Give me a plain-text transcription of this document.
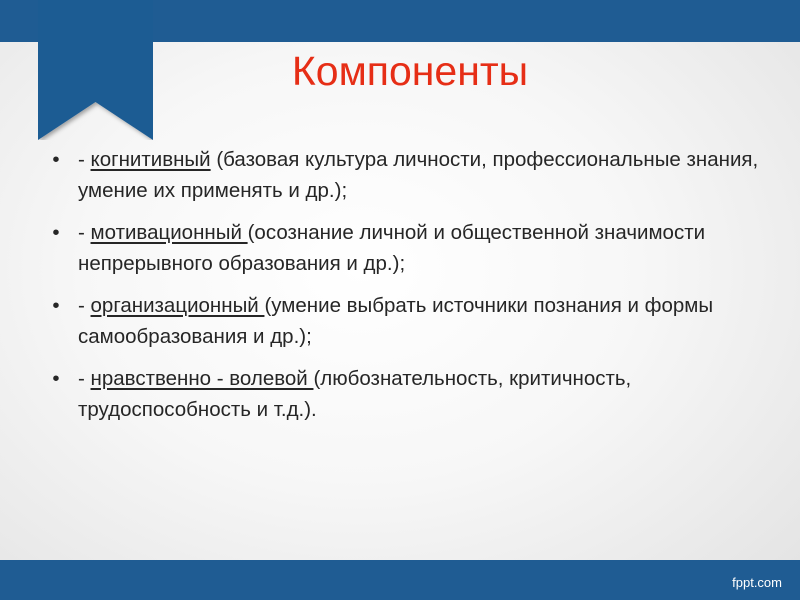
Компоненты
• - когнитивный (базовая культура личности, профессиональные знания, умение их применять и др.);
• - мотивационный (осознание личной и общественной значимости непрерывного образования и др.);
• - организационный (умение выбрать источники познания и формы самообразования и др.);
• - нравственно - волевой (любознательность, критичность, трудоспособность и т.д.).
fppt.com
